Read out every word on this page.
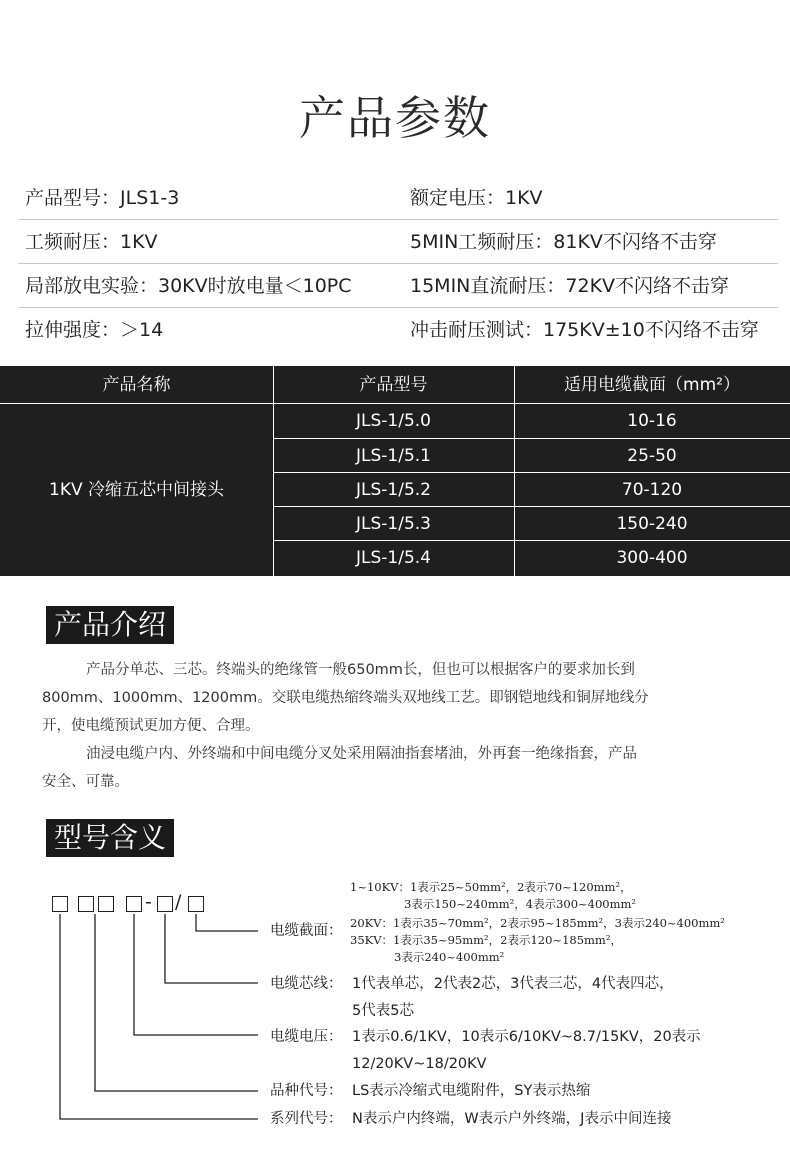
产品参数
产品型号：JLS1-3	额定电压：1KV
工频耐压：1KV	5MIN工频耐压：81KV不闪络不击穿
局部放电实验：30KV时放电量＜10PC	15MIN直流耐压：72KV不闪络不击穿
拉伸强度：＞14	冲击耐压测试：175KV±10不闪络不击穿
产品名称	产品型号	适用电缆截面（mm²）
1KV 冷缩五芯中间接头
JLS-1/5.0	10-16
JLS-1/5.1	25-50
JLS-1/5.2	70-120
JLS-1/5.3	150-240
JLS-1/5.4	300-400
产品介绍

产品分单芯、三芯。终端头的绝缘管一般650mm长，但也可以根据客户的要求加长到

800mm、1000mm、1200mm。交联电缆热缩终端头双地线工艺。即钢铠地线和铜屏地线分

开，使电缆预试更加方便、合理。

油浸电缆户内、外终端和中间电缆分叉处采用隔油指套堵油，外再套一绝缘指套，产品

安全、可靠。

型号含义
- /
1~10KV：1表示25~50mm²，2表示70~120mm²，
3表示150~240mm²，4表示300~400mm²
20KV：1表示35~70mm²，2表示95~185mm²，3表示240~400mm²
35KV：1表示35~95mm²，2表示120~185mm²，
3表示240~400mm²
电缆截面：
电缆芯线： 1代表单芯，2代表2芯，3代表三芯，4代表四芯，
5代表5芯
电缆电压： 1表示0.6/1KV，10表示6/10KV~8.7/15KV，20表示
12/20KV~18/20KV
品种代号： LS表示冷缩式电缆附件，SY表示热缩
系列代号： N表示户内终端，W表示户外终端，J表示中间连接
